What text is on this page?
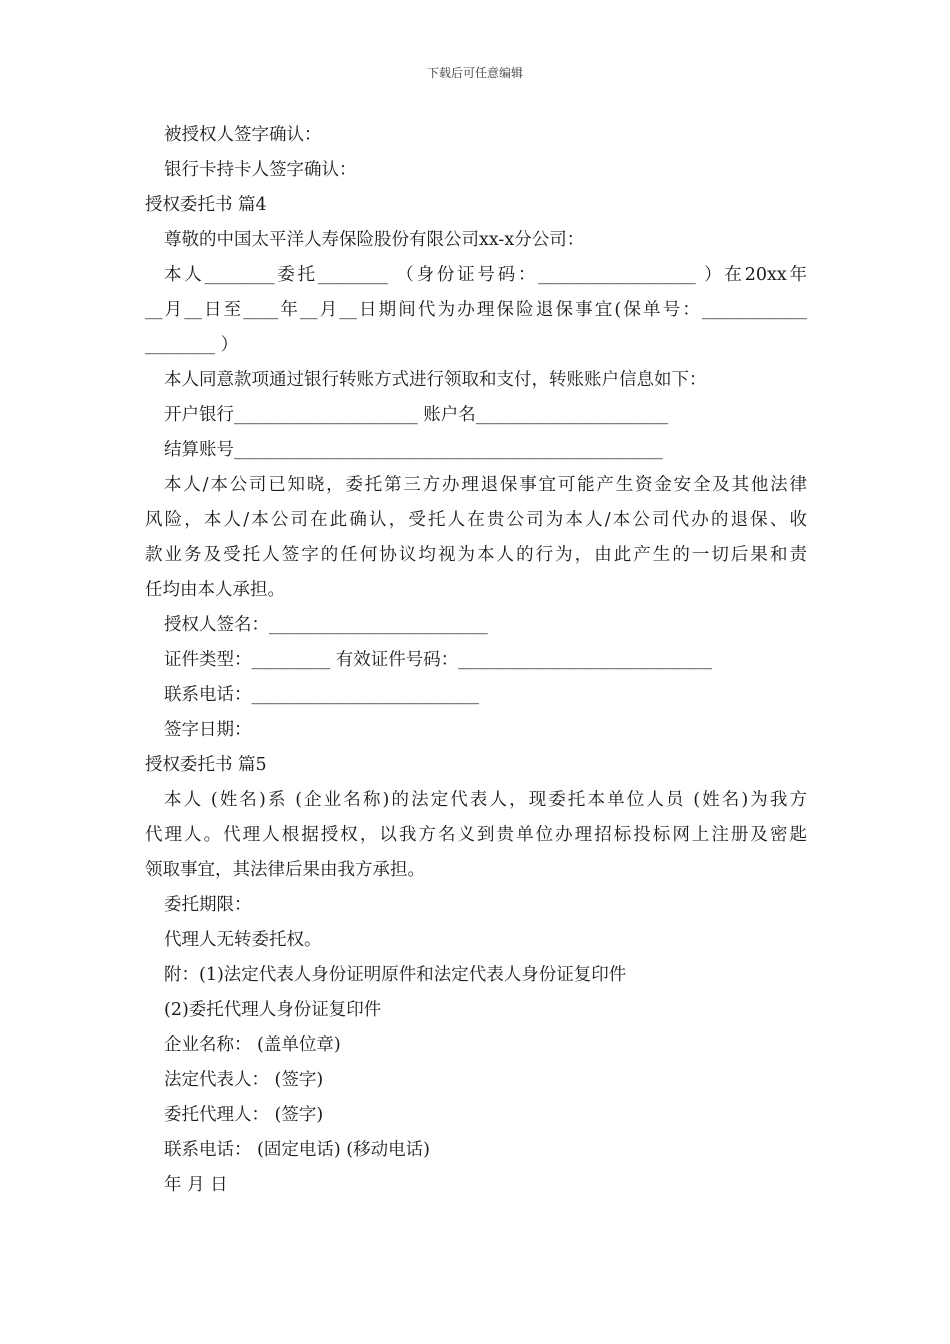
下载后可任意编辑
被授权人签字确认：
银行卡持卡人签字确认：
授权委托书 篇4
尊敬的中国太平洋人寿保险股份有限公司xx-x分公司：
本人________委托________ （身份证号码：__________________ ）在20xx年
__月__日至____年__月__日期间代为办理保险退保事宜(保单号：____________
________ ）
本人同意款项通过银行转账方式进行领取和支付，转账账户信息如下：
开户银行_____________________ 账户名______________________
结算账号_________________________________________________
本人/本公司已知晓，委托第三方办理退保事宜可能产生资金安全及其他法律
风险，本人/本公司在此确认，受托人在贵公司为本人/本公司代办的退保、收
款业务及受托人签字的任何协议均视为本人的行为，由此产生的一切后果和责
任均由本人承担。
授权人签名：_________________________
证件类型：_________ 有效证件号码：_____________________________
联系电话：__________________________
签字日期：
授权委托书 篇5
本人 (姓名)系 (企业名称)的法定代表人，现委托本单位人员 (姓名)为我方
代理人。代理人根据授权，以我方名义到贵单位办理招标投标网上注册及密匙
领取事宜，其法律后果由我方承担。
委托期限：
代理人无转委托权。
附：(1)法定代表人身份证明原件和法定代表人身份证复印件
(2)委托代理人身份证复印件
企业名称： (盖单位章)
法定代表人： (签字)
委托代理人： (签字)
联系电话： (固定电话) (移动电话)
年 月 日
